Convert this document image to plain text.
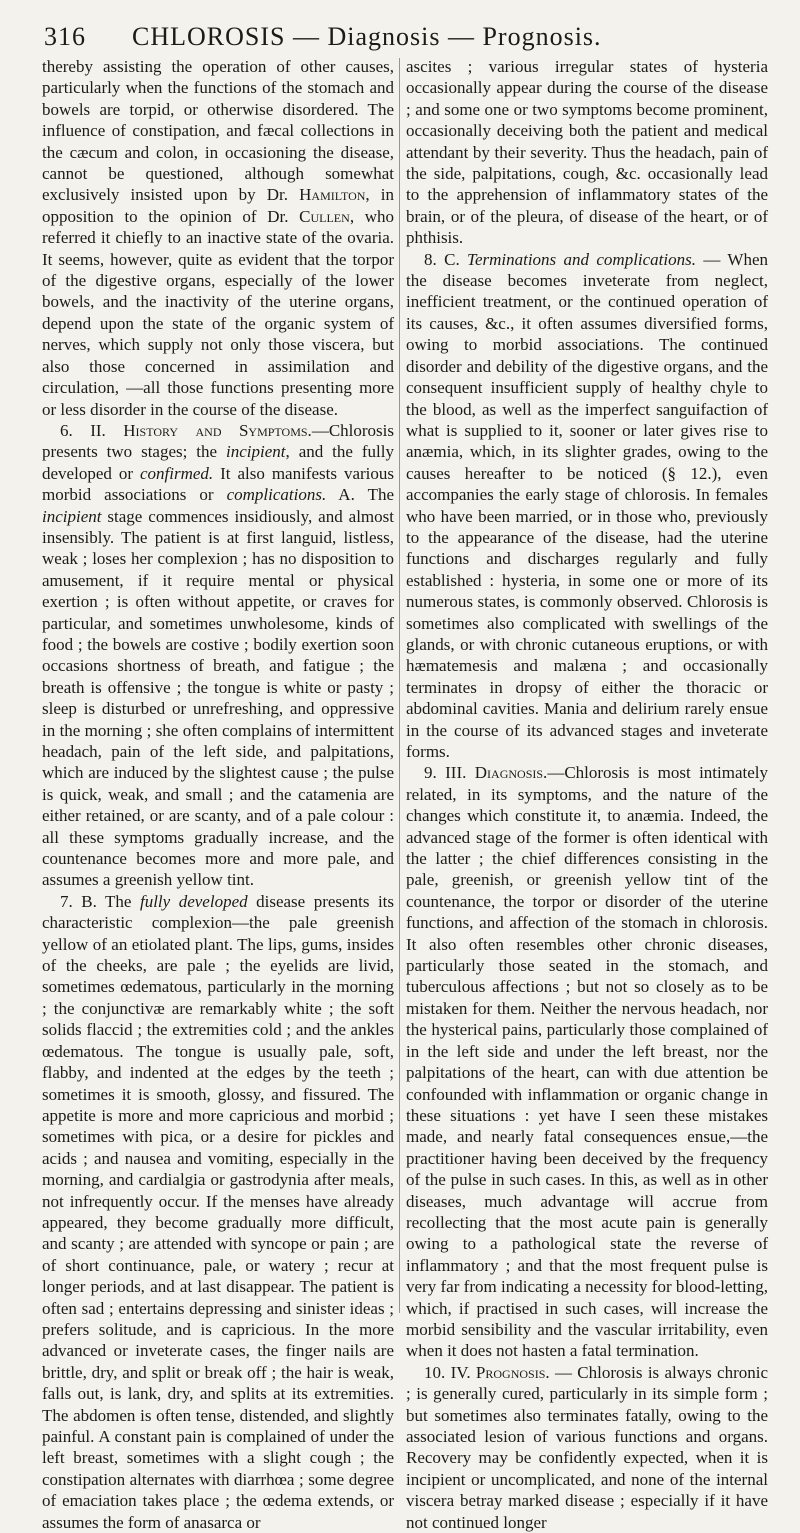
316 CHLOROSIS — Diagnosis — Prognosis.

thereby assisting the operation of other causes, particularly when the functions of the stomach and bowels are torpid, or otherwise disordered. The influence of constipation, and fæcal collections in the cæcum and colon, in occasioning the disease, cannot be questioned, although somewhat exclusively insisted upon by Dr. Hamilton, in opposition to the opinion of Dr. Cullen, who referred it chiefly to an inactive state of the ovaria. It seems, however, quite as evident that the torpor of the digestive organs, especially of the lower bowels, and the inactivity of the uterine organs, depend upon the state of the organic system of nerves, which supply not only those viscera, but also those concerned in assimilation and circulation, —all those functions presenting more or less disorder in the course of the disease.

6. II. History and Symptoms.—Chlorosis presents two stages; the incipient, and the fully developed or confirmed. It also manifests various morbid associations or complications. A. The incipient stage commences insidiously, and almost insensibly. The patient is at first languid, listless, weak ; loses her complexion ; has no disposition to amusement, if it require mental or physical exertion ; is often without appetite, or craves for particular, and sometimes unwholesome, kinds of food ; the bowels are costive ; bodily exertion soon occasions shortness of breath, and fatigue ; the breath is offensive ; the tongue is white or pasty ; sleep is disturbed or unrefreshing, and oppressive in the morning ; she often complains of intermittent headach, pain of the left side, and palpitations, which are induced by the slightest cause ; the pulse is quick, weak, and small ; and the catamenia are either retained, or are scanty, and of a pale colour : all these symptoms gradually increase, and the countenance becomes more and more pale, and assumes a greenish yellow tint.

7. B. The fully developed disease presents its characteristic complexion—the pale greenish yellow of an etiolated plant. The lips, gums, insides of the cheeks, are pale ; the eyelids are livid, sometimes œdematous, particularly in the morning ; the conjunctivæ are remarkably white ; the soft solids flaccid ; the extremities cold ; and the ankles œdematous. The tongue is usually pale, soft, flabby, and indented at the edges by the teeth ; sometimes it is smooth, glossy, and fissured. The appetite is more and more capricious and morbid ; sometimes with pica, or a desire for pickles and acids ; and nausea and vomiting, especially in the morning, and cardialgia or gastrodynia after meals, not infrequently occur. If the menses have already appeared, they become gradually more difficult, and scanty ; are attended with syncope or pain ; are of short continuance, pale, or watery ; recur at longer periods, and at last disappear. The patient is often sad ; entertains depressing and sinister ideas ; prefers solitude, and is capricious. In the more advanced or inveterate cases, the finger nails are brittle, dry, and split or break off ; the hair is weak, falls out, is lank, dry, and splits at its extremities. The abdomen is often tense, distended, and slightly painful. A constant pain is complained of under the left breast, sometimes with a slight cough ; the constipation alternates with diarrhœa ; some degree of emaciation takes place ; the œdema extends, or assumes the form of anasarca or

ascites ; various irregular states of hysteria occasionally appear during the course of the disease ; and some one or two symptoms become prominent, occasionally deceiving both the patient and medical attendant by their severity. Thus the headach, pain of the side, palpitations, cough, &c. occasionally lead to the apprehension of inflammatory states of the brain, or of the pleura, of disease of the heart, or of phthisis.

8. C. Terminations and complications. — When the disease becomes inveterate from neglect, inefficient treatment, or the continued operation of its causes, &c., it often assumes diversified forms, owing to morbid associations. The continued disorder and debility of the digestive organs, and the consequent insufficient supply of healthy chyle to the blood, as well as the imperfect sanguifaction of what is supplied to it, sooner or later gives rise to anæmia, which, in its slighter grades, owing to the causes hereafter to be noticed (§ 12.), even accompanies the early stage of chlorosis. In females who have been married, or in those who, previously to the appearance of the disease, had the uterine functions and discharges regularly and fully established : hysteria, in some one or more of its numerous states, is commonly observed. Chlorosis is sometimes also complicated with swellings of the glands, or with chronic cutaneous eruptions, or with hæmatemesis and malæna ; and occasionally terminates in dropsy of either the thoracic or abdominal cavities. Mania and delirium rarely ensue in the course of its advanced stages and inveterate forms.

9. III. Diagnosis.—Chlorosis is most intimately related, in its symptoms, and the nature of the changes which constitute it, to anæmia. Indeed, the advanced stage of the former is often identical with the latter ; the chief differences consisting in the pale, greenish, or greenish yellow tint of the countenance, the torpor or disorder of the uterine functions, and affection of the stomach in chlorosis. It also often resembles other chronic diseases, particularly those seated in the stomach, and tuberculous affections ; but not so closely as to be mistaken for them. Neither the nervous headach, nor the hysterical pains, particularly those complained of in the left side and under the left breast, nor the palpitations of the heart, can with due attention be confounded with inflammation or organic change in these situations : yet have I seen these mistakes made, and nearly fatal consequences ensue,—the practitioner having been deceived by the frequency of the pulse in such cases. In this, as well as in other diseases, much advantage will accrue from recollecting that the most acute pain is generally owing to a pathological state the reverse of inflammatory ; and that the most frequent pulse is very far from indicating a necessity for blood-letting, which, if practised in such cases, will increase the morbid sensibility and the vascular irritability, even when it does not hasten a fatal termination.

10. IV. Prognosis. — Chlorosis is always chronic ; is generally cured, particularly in its simple form ; but sometimes also terminates fatally, owing to the associated lesion of various functions and organs. Recovery may be confidently expected, when it is incipient or uncomplicated, and none of the internal viscera betray marked disease ; especially if it have not continued longer
